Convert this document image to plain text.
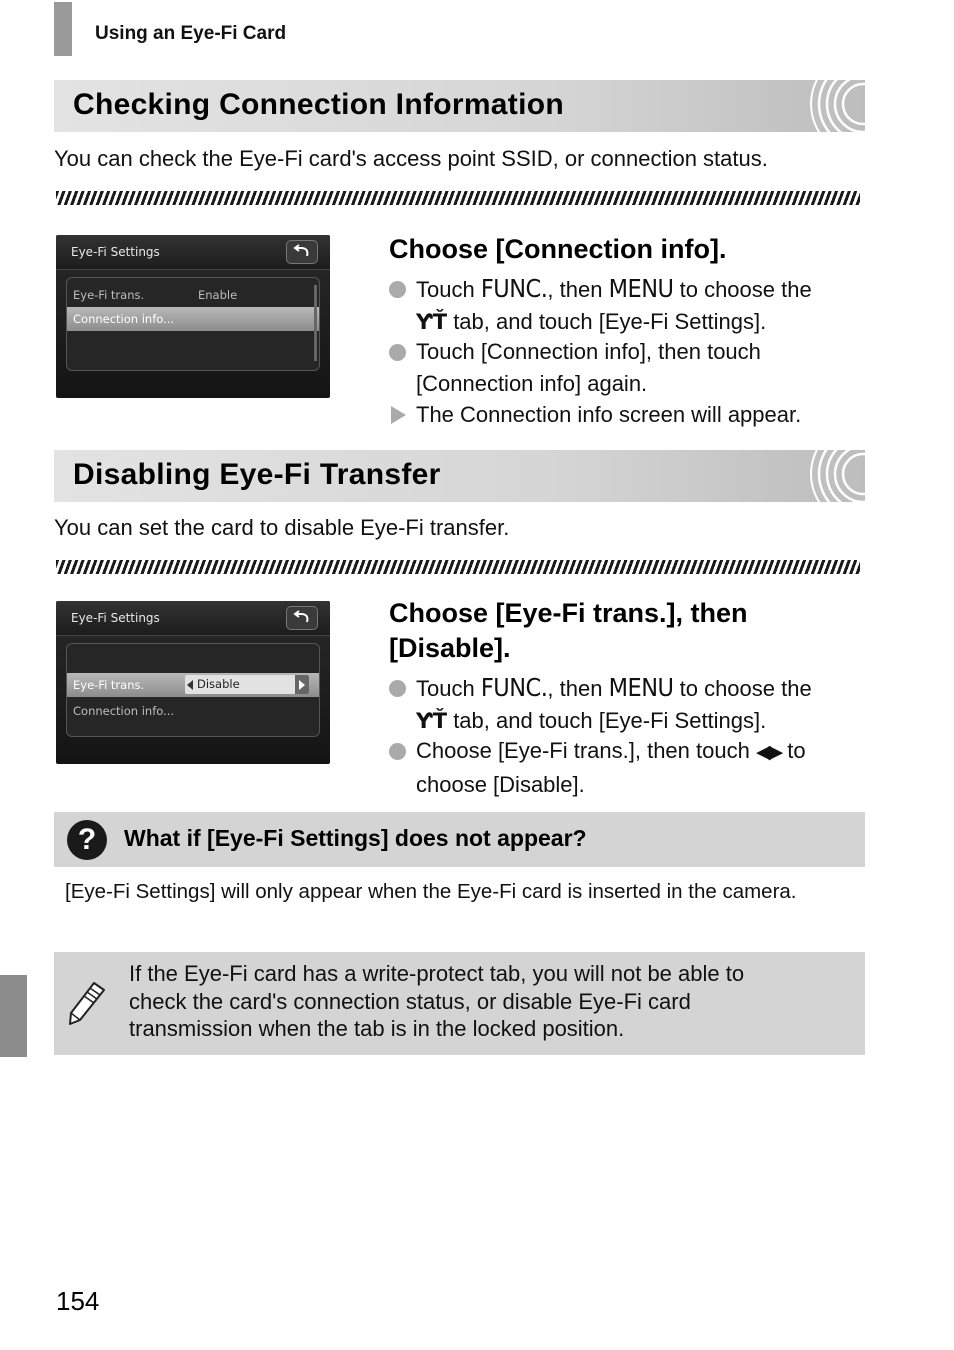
Using an Eye-Fi Card
Checking Connection Information
You can check the Eye-Fi card's access point SSID, or connection status.
Eye-Fi Settings
Eye-Fi trans.	Enable
Connection info...
Choose [Connection info].
Touch FUNC., then MENU to choose the
ƳŤ tab, and touch [Eye-Fi Settings].
Touch [Connection info], then touch [Connection info] again.
The Connection info screen will appear.
Disabling Eye-Fi Transfer
You can set the card to disable Eye-Fi transfer.
Eye-Fi Settings
Eye-Fi trans.	Disable
Connection info...
Choose [Eye-Fi trans.], then [Disable].
Touch FUNC., then MENU to choose the
ƳŤ tab, and touch [Eye-Fi Settings].
Choose [Eye-Fi trans.], then touch ◀▶ to choose [Disable].
?	What if [Eye-Fi Settings] does not appear?
[Eye-Fi Settings] will only appear when the Eye-Fi card is inserted in the camera.
If the Eye-Fi card has a write-protect tab, you will not be able to check the card's connection status, or disable Eye-Fi card transmission when the tab is in the locked position.
154
